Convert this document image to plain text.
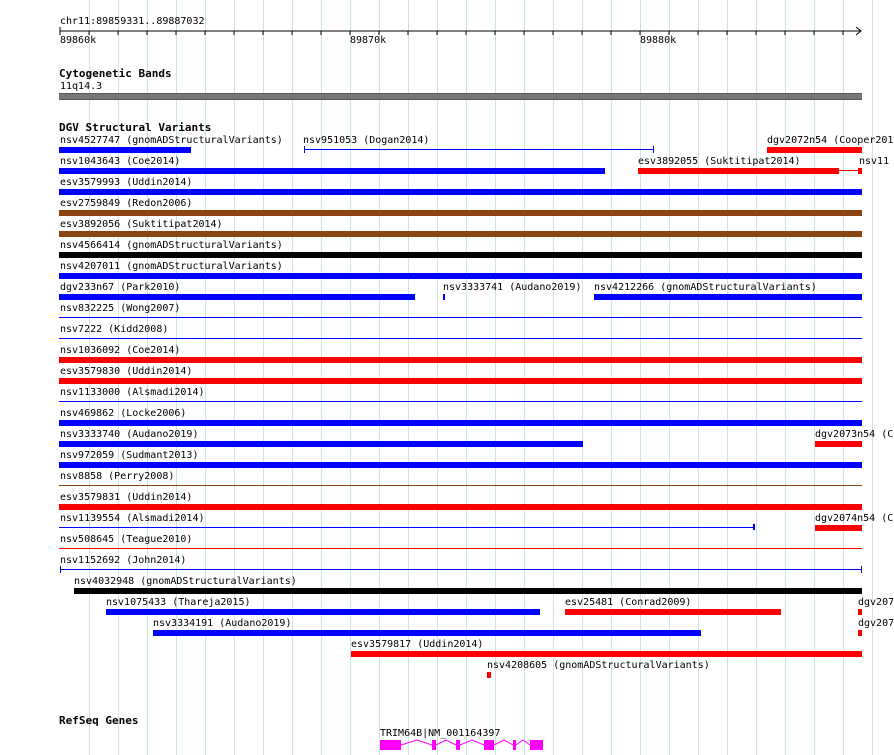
chr11:89859331..89887032
89860k	89870k	89880k
Cytogenetic Bands
11q14.3
DGV Structural Variants
nsv4527747 (gnomADStructuralVariants) nsv951053 (Dogan2014)	dgv2072n54 (Cooper201
nsv1043643 (Coe2014)	esv3892055 (Suktitipat2014)	nsv11
esv3579993 (Uddin2014)
esv2759849 (Redon2006)
esv3892056 (Suktitipat2014)
nsv4566414 (gnomADStructuralVariants)
nsv4207011 (gnomADStructuralVariants)
dgv233n67 (Park2010)	nsv3333741 (Audano2019) nsv4212266 (gnomADStructuralVariants)
nsv832225 (Wong2007)
nsv7222 (Kidd2008)
nsv1036092 (Coe2014)
esv3579830 (Uddin2014)
nsv1133000 (Alsmadi2014)
nsv469862 (Locke2006)
nsv3333740 (Audano2019)	dgv2073n54 (C
nsv972059 (Sudmant2013)
nsv8858 (Perry2008)
esv3579831 (Uddin2014)
nsv1139554 (Alsmadi2014)	dgv2074n54 (C
nsv508645 (Teague2010)
nsv1152692 (John2014)
nsv4032948 (gnomADStructuralVariants)
nsv1075433 (Thareja2015)	esv25481 (Conrad2009)	dgv207
nsv3334191 (Audano2019)	dgv207
esv3579817 (Uddin2014)
nsv4208605 (gnomADStructuralVariants)
RefSeq Genes
TRIM64B|NM_001164397
